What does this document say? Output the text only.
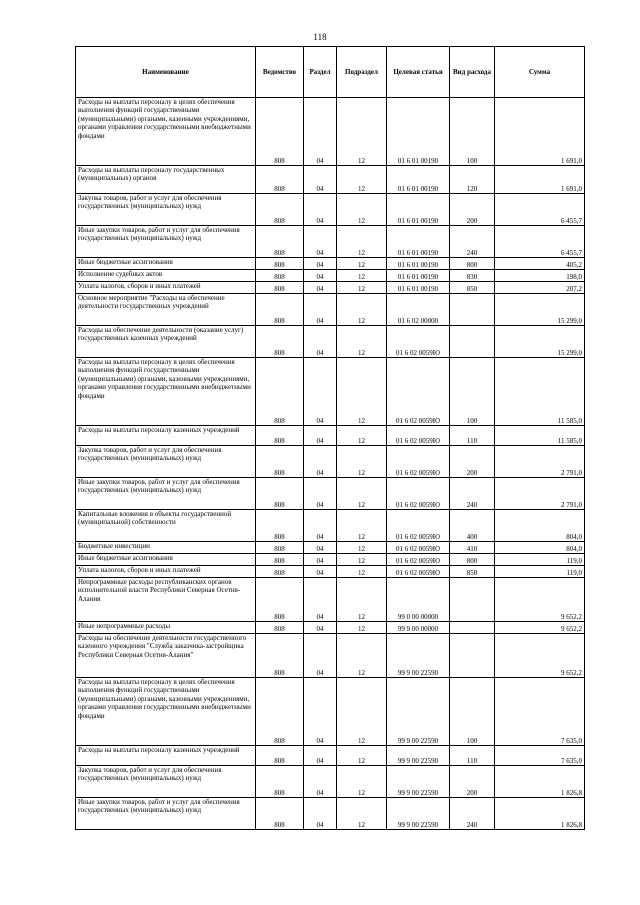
118
Наименование	Ведомство	Раздел	Подраздел	Целевая статья	Вид расхода	Сумма
Расходы на выплаты персоналу в целях обеспечения выполнения функций государственными (муниципальными) органами, казенными учреждениями, органами управления государственными внебюджетными фондами	808	04	12	01 6 01 00190	100	1 691,0
Расходы на выплаты персоналу государственных (муниципальных) органов	808	04	12	01 6 01 00190	120	1 691,0
Закупка товаров, работ и услуг для обеспечения государственных (муниципальных) нужд	808	04	12	01 6 01 00190	200	6 455,7
Иные закупки товаров, работ и услуг для обеспечения государственных (муниципальных) нужд	808	04	12	01 6 01 00190	240	6 455,7
Иные бюджетные ассигнования	808	04	12	01 6 01 00190	800	405,2
Исполнение судебных актов	808	04	12	01 6 01 00190	830	198,0
Уплата налогов, сборов и иных платежей	808	04	12	01 6 01 00190	850	207,2
Основное мероприятие "Расходы на обеспечение деятельности государственных учреждений	808	04	12	01 6 02 00000		15 299,0
Расходы на обеспечение деятельности (оказание услуг) государственных казенных учреждений	808	04	12	01 6 02 0059Ю		15 299,0
Расходы на выплаты персоналу в целях обеспечения выполнения функций государственными (муниципальными) органами, казенными учреждениями, органами управления государственными внебюджетными фондами	808	04	12	01 6 02 0059Ю	100	11 585,0
Расходы на выплаты персоналу казенных учреждений	808	04	12	01 6 02 0059Ю	110	11 585,0
Закупка товаров, работ и услуг для обеспечения государственных (муниципальных) нужд	808	04	12	01 6 02 0059Ю	200	2 791,0
Иные закупки товаров, работ и услуг для обеспечения государственных (муниципальных) нужд	808	04	12	01 6 02 0059Ю	240	2 791,0
Капитальные вложения в объекты государственной (муниципальной) собственности	808	04	12	01 6 02 0059Ю	400	804,0
Бюджетные инвестиции	808	04	12	01 6 02 0059Ю	410	804,0
Иные бюджетные ассигнования	808	04	12	01 6 02 0059Ю	800	119,0
Уплата налогов, сборов и иных платежей	808	04	12	01 6 02 0059Ю	850	119,0
Непрограммные расходы республиканских органов исполнительной власти Республики Северная Осетия-Алания	808	04	12	99 0 00 00000		9 652,2
Иные непрограммные расходы	808	04	12	99 9 00 00000		9 652,2
Расходы на обеспечение деятельности государственного казенного учреждения "Служба заказчика-застройщика Республики Северная Осетия-Алания"	808	04	12	99 9 00 22590		9 652,2
Расходы на выплаты персоналу в целях обеспечения выполнения функций государственными (муниципальными) органами, казенными учреждениями, органами управления государственными внебюджетными фондами	808	04	12	99 9 00 22590	100	7 635,0
Расходы на выплаты персоналу казенных учреждений	808	04	12	99 9 00 22590	110	7 635,0
Закупка товаров, работ и услуг для обеспечения государственных (муниципальных) нужд	808	04	12	99 9 00 22590	200	1 826,8
Иные закупки товаров, работ и услуг для обеспечения государственных (муниципальных) нужд	808	04	12	99 9 00 22590	240	1 826,8
